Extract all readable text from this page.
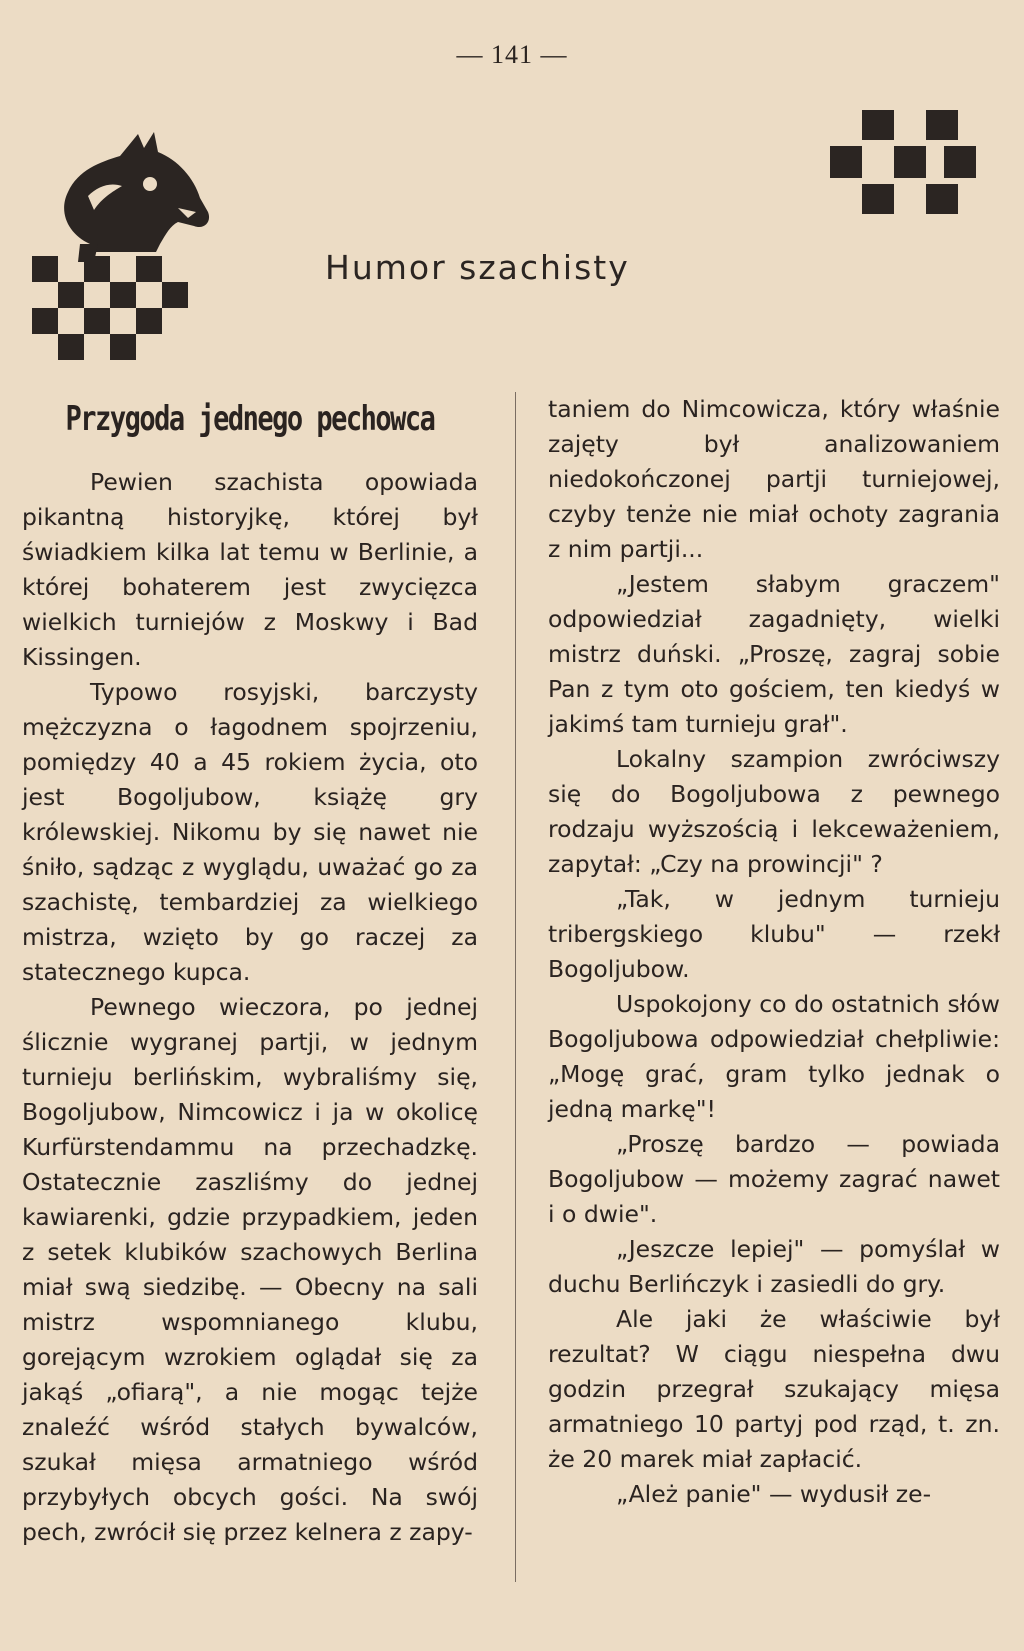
— 141 —
Humor szachisty
Przygoda jednego pechowca

Pewien szachista opowiada pikantną historyjkę, której był świadkiem kilka lat temu w Berlinie, a której bohaterem jest zwycięzca wielkich turniejów z Moskwy i Bad Kissingen.

Typowo rosyjski, barczysty mężczyzna o łagodnem spojrzeniu, pomiędzy 40 a 45 rokiem życia, oto jest Bogoljubow, książę gry królewskiej. Nikomu by się nawet nie śniło, sądząc z wyglądu, uważać go za szachistę, tembardziej za wielkiego mistrza, wzięto by go raczej za statecznego kupca.

Pewnego wieczora, po jednej ślicznie wygranej partji, w jednym turnieju berlińskim, wybraliśmy się, Bogoljubow, Nimcowicz i ja w okolicę Kurfürstendammu na przechadzkę. Ostatecznie zaszliśmy do jednej kawiarenki, gdzie przypadkiem, jeden z setek klubików szachowych Berlina miał swą siedzibę. — Obecny na sali mistrz wspomnianego klubu, gorejącym wzrokiem oglądał się za jakąś „ofiarą", a nie mogąc tejże znaleźć wśród stałych bywalców, szukał mięsa armatniego wśród przybyłych obcych gości. Na swój pech, zwrócił się przez kelnera z zapy-

taniem do Nimcowicza, który właśnie zajęty był analizowaniem niedokończonej partji turniejowej, czyby tenże nie miał ochoty zagrania z nim partji...

„Jestem słabym graczem" odpowiedział zagadnięty, wielki mistrz duński. „Proszę, zagraj sobie Pan z tym oto gościem, ten kiedyś w jakimś tam turnieju grał".

Lokalny szampion zwróciwszy się do Bogoljubowa z pewnego rodzaju wyższością i lekceważeniem, zapytał: „Czy na prowincji" ?

„Tak, w jednym turnieju tribergskiego klubu" — rzekł Bogoljubow.

Uspokojony co do ostatnich słów Bogoljubowa odpowiedział chełpliwie: „Mogę grać, gram tylko jednak o jedną markę"!

„Proszę bardzo — powiada Bogoljubow — możemy zagrać nawet i o dwie".

„Jeszcze lepiej" — pomyślał w duchu Berlińczyk i zasiedli do gry.

Ale jaki że właściwie był rezultat? W ciągu niespełna dwu godzin przegrał szukający mięsa armatniego 10 partyj pod rząd, t. zn. że 20 marek miał zapłacić.

„Ależ panie" — wydusił ze-
